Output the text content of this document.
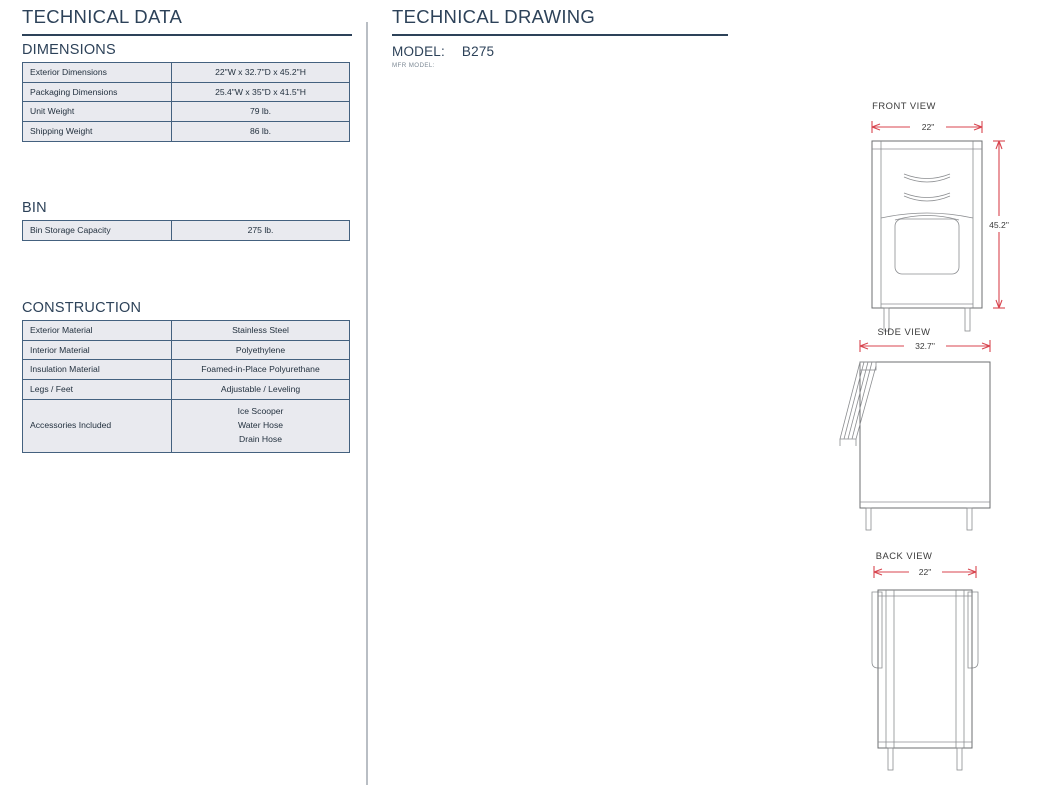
TECHNICAL DATA
DIMENSIONS
Exterior Dimensions	22"W x 32.7"D x 45.2"H
Packaging Dimensions	25.4"W x 35"D x 41.5"H
Unit Weight	79 lb.
Shipping Weight	86 lb.
BIN
Bin Storage Capacity	275 lb.
CONSTRUCTION
Exterior Material	Stainless Steel
Interior Material	Polyethylene
Insulation Material	Foamed-in-Place Polyurethane
Legs / Feet	Adjustable / Leveling
Accessories Included	Ice Scooper
Water Hose
Drain Hose
TECHNICAL DRAWING
MODEL: B275
MFR MODEL:
FRONT VIEW
22"
45.2"
SIDE VIEW
32.7"
BACK VIEW
22"
